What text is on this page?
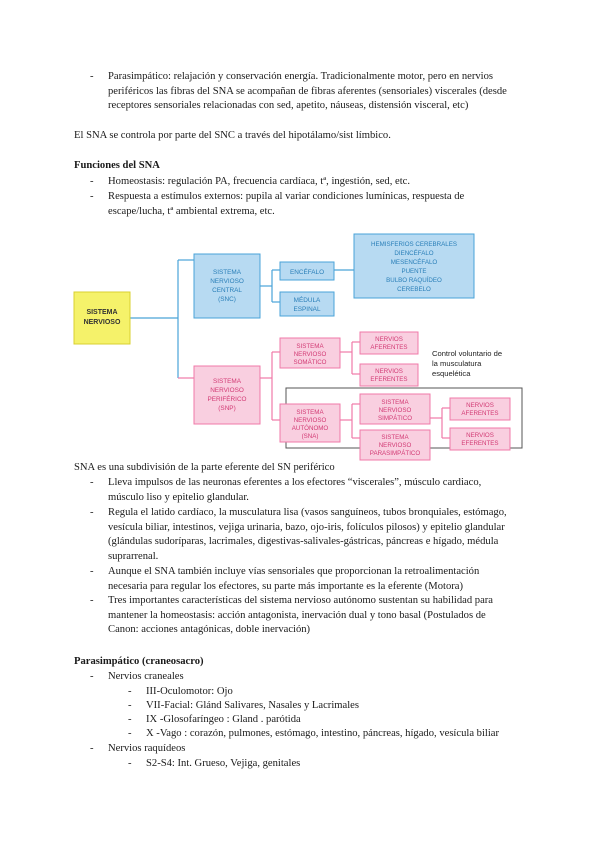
-	Parasimpático: relajación y conservación energía. Tradicionalmente motor, pero en nervios
periféricos las fibras del SNA se acompañan de fibras aferentes (sensoriales) viscerales (desde
receptores sensoriales relacionadas con sed, apetito, náuseas, distensión visceral, etc)
El SNA se controla por parte del SNC a través del hipotálamo/sist límbico.
Funciones del SNA
-	Homeostasis: regulación PA, frecuencia cardíaca, tª, ingestión, sed, etc.
-	Respuesta a estímulos externos: pupila al variar condiciones lumínicas, respuesta de
escape/lucha, tª ambiental extrema, etc.
SISTEMA
NERVIOSO
SISTEMA
NERVIOSO
CENTRAL
(SNC)
ENCÉFALO
MÉDULA
ESPINAL
HEMISFERIOS CEREBRALES
DIENCÉFALO
MESENCÉFALO
PUENTE
BULBO RAQUÍDEO
CEREBELO
SISTEMA
NERVIOSO
PERIFÉRICO
(SNP)
SISTEMA
NERVIOSO
SOMÁTICO
NERVIOS
AFERENTES
NERVIOS
EFERENTES
Control voluntario de
la musculatura
esquelética
SISTEMA
NERVIOSO
AUTÓNOMO
(SNA)
SISTEMA
NERVIOSO
SIMPÁTICO
SISTEMA
NERVIOSO
PARASIMPÁTICO
NERVIOS
AFERENTES
NERVIOS
EFERENTES
SNA es una subdivisión de la parte eferente del SN periférico
-	Lleva impulsos de las neuronas eferentes a los efectores “viscerales”, músculo cardiaco,
músculo liso y epitelio glandular.
-	Regula el latido cardíaco, la musculatura lisa (vasos sanguíneos, tubos bronquiales, estómago,
vesícula biliar, intestinos, vejiga urinaria, bazo, ojo-iris, folículos pilosos) y epitelio glandular
(glándulas sudoríparas, lacrimales, digestivas-salivales-gástricas, páncreas e hígado, médula
suprarrenal.
-	Aunque el SNA también incluye vías sensoriales que proporcionan la retroalimentación
necesaria para regular los efectores, su parte más importante es la eferente (Motora)
-	Tres importantes características del sistema nervioso autónomo sustentan su habilidad para
mantener la homeostasis: acción antagonista, inervación dual y tono basal (Postulados de
Canon: acciones antagónicas, doble inervación)
Parasimpático (craneosacro)
-	Nervios craneales
-	III-Oculomotor: Ojo
-	VII-Facial: Glánd Salivares, Nasales y Lacrimales
-	IX -Glosofaríngeo : Gland . parótida
-	X -Vago : corazón, pulmones, estómago, intestino, páncreas, hígado, vesícula biliar
-	Nervios raquídeos
-	S2-S4: Int. Grueso, Vejiga, genitales
